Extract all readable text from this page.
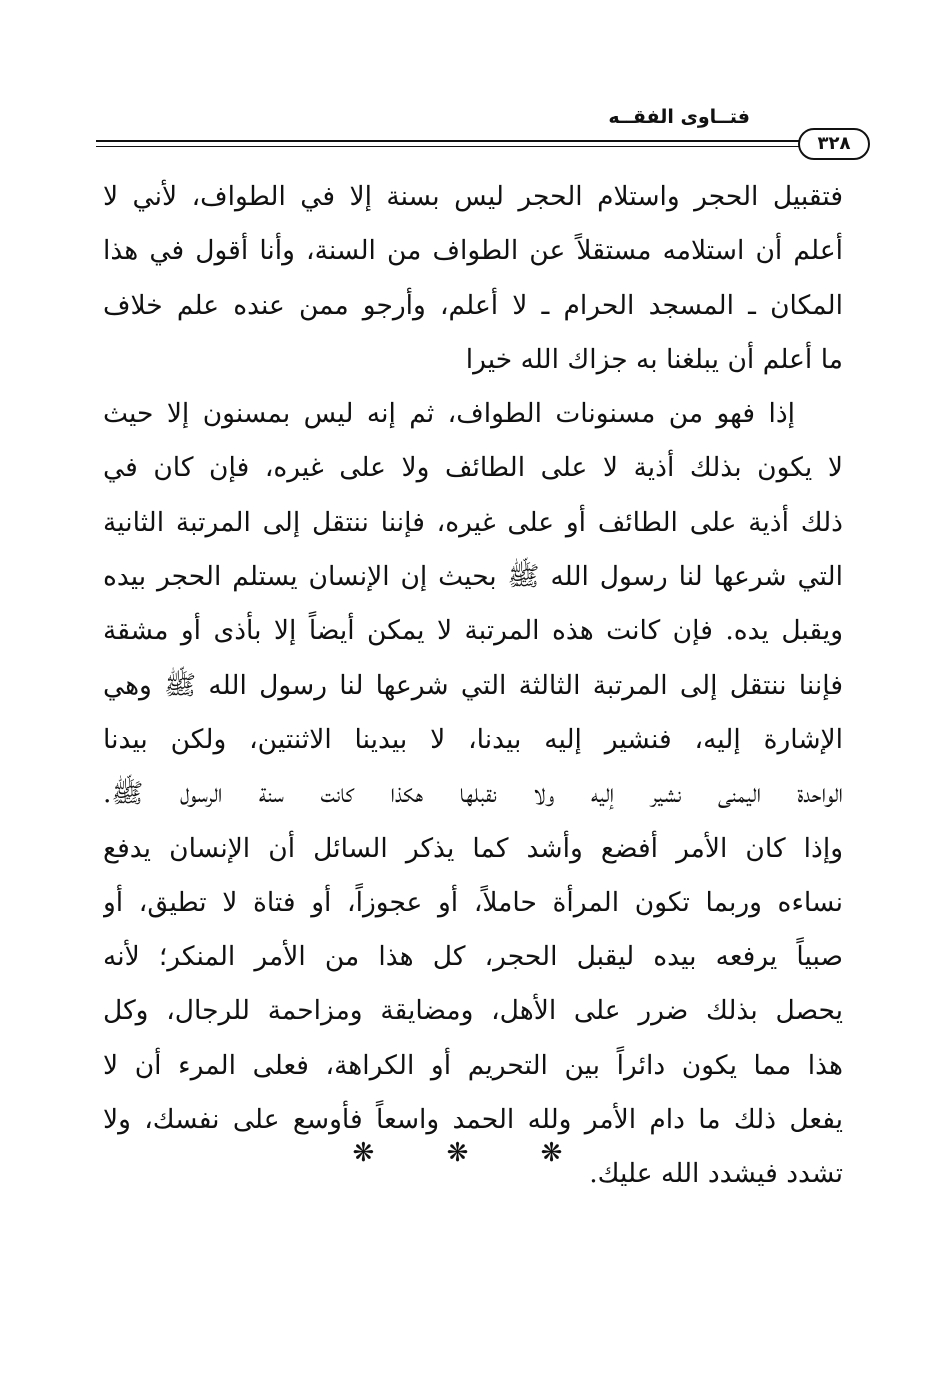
فتــاوى الفقــه
٣٢٨
فتقبيل الحجر واستلام الحجر ليس بسنة إلا في الطواف، لأني لا
أعلم أن استلامه مستقلاً عن الطواف من السنة، وأنا أقول في هذا
المكان ـ المسجد الحرام ـ لا أعلم، وأرجو ممن عنده علم خلاف
ما أعلم أن يبلغنا به جزاك الله خيرا
إذا فهو من مسنونات الطواف، ثم إنه ليس بمسنون إلا حيث
لا يكون بذلك أذية لا على الطائف ولا على غيره، فإن كان في
ذلك أذية على الطائف أو على غيره، فإننا ننتقل إلى المرتبة الثانية
التي شرعها لنا رسول الله ﷺ بحيث إن الإنسان يستلم الحجر بيده
ويقبل يده. فإن كانت هذه المرتبة لا يمكن أيضاً إلا بأذى أو مشقة
فإننا ننتقل إلى المرتبة الثالثة التي شرعها لنا رسول الله ﷺ وهي
الإشارة إليه، فنشير إليه بيدنا، لا بيدينا الاثنتين، ولكن بيدنا
الواحدة اليمنى نشير إليه ولا نقبلها هكذا كانت سنة الرسول ﷺ.
وإذا كان الأمر أفضع وأشد كما يذكر السائل أن الإنسان يدفع
نساءه وربما تكون المرأة حاملاً، أو عجوزاً، أو فتاة لا تطيق، أو
صبياً يرفعه بيده ليقبل الحجر، كل هذا من الأمر المنكر؛ لأنه
يحصل بذلك ضرر على الأهل، ومضايقة ومزاحمة للرجال، وكل
هذا مما يكون دائراً بين التحريم أو الكراهة، فعلى المرء أن لا
يفعل ذلك ما دام الأمر ولله الحمد واسعاً فأوسع على نفسك، ولا
تشدد فيشدد الله عليك.
❋ ❋ ❋
